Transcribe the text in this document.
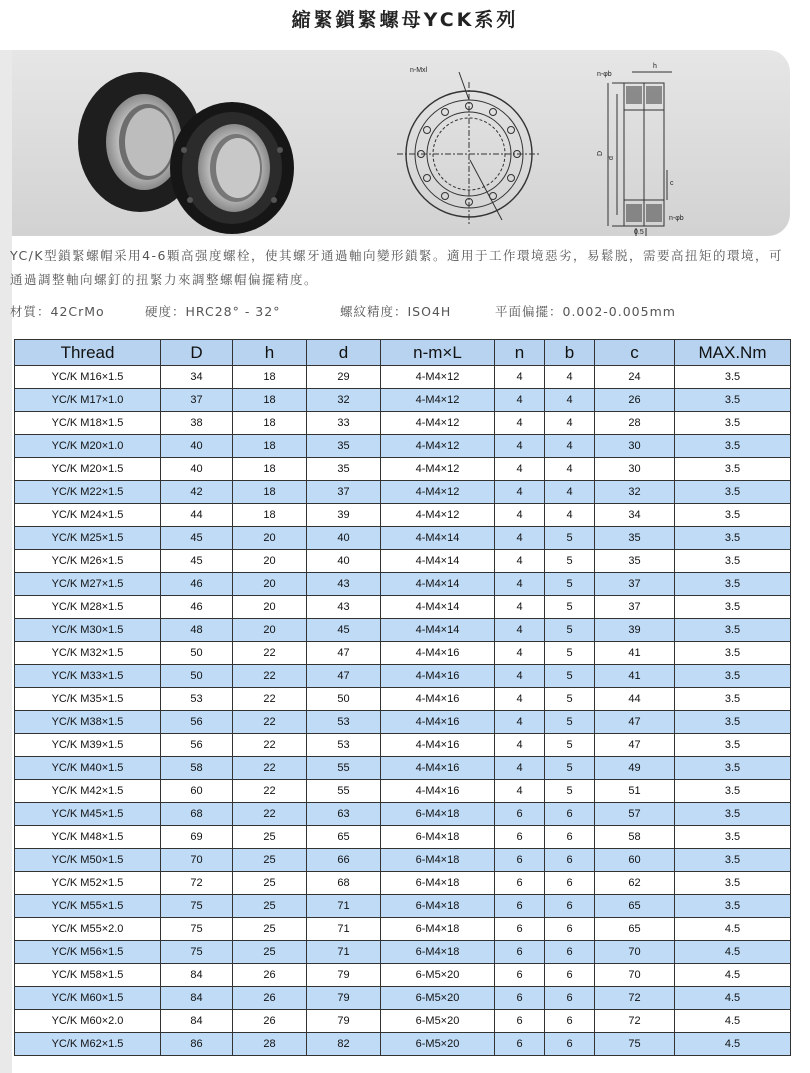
縮緊鎖緊螺母YCK系列
n-Mxl
n-φb
h
D
d
c
0.5
n-φb
YC/K型鎖緊螺帽采用4-6顆高强度螺栓，使其螺牙通過軸向變形鎖緊。適用于工作環境惡劣，易鬆脱，需要高扭矩的環境，可通過調整軸向螺釘的扭緊力來調整螺帽偏擺精度。
材質：42CrMo	硬度：HRC28° - 32°	螺紋精度：ISO4H	平面偏擺：0.002-0.005mm
Thread	D	h	d	n-m×L	n	b	c	MAX.Nm
YC/K M16×1.5	34	18	29	4-M4×12	4	4	24	3.5
YC/K M17×1.0	37	18	32	4-M4×12	4	4	26	3.5
YC/K M18×1.5	38	18	33	4-M4×12	4	4	28	3.5
YC/K M20×1.0	40	18	35	4-M4×12	4	4	30	3.5
YC/K M20×1.5	40	18	35	4-M4×12	4	4	30	3.5
YC/K M22×1.5	42	18	37	4-M4×12	4	4	32	3.5
YC/K M24×1.5	44	18	39	4-M4×12	4	4	34	3.5
YC/K M25×1.5	45	20	40	4-M4×14	4	5	35	3.5
YC/K M26×1.5	45	20	40	4-M4×14	4	5	35	3.5
YC/K M27×1.5	46	20	43	4-M4×14	4	5	37	3.5
YC/K M28×1.5	46	20	43	4-M4×14	4	5	37	3.5
YC/K M30×1.5	48	20	45	4-M4×14	4	5	39	3.5
YC/K M32×1.5	50	22	47	4-M4×16	4	5	41	3.5
YC/K M33×1.5	50	22	47	4-M4×16	4	5	41	3.5
YC/K M35×1.5	53	22	50	4-M4×16	4	5	44	3.5
YC/K M38×1.5	56	22	53	4-M4×16	4	5	47	3.5
YC/K M39×1.5	56	22	53	4-M4×16	4	5	47	3.5
YC/K M40×1.5	58	22	55	4-M4×16	4	5	49	3.5
YC/K M42×1.5	60	22	55	4-M4×16	4	5	51	3.5
YC/K M45×1.5	68	22	63	6-M4×18	6	6	57	3.5
YC/K M48×1.5	69	25	65	6-M4×18	6	6	58	3.5
YC/K M50×1.5	70	25	66	6-M4×18	6	6	60	3.5
YC/K M52×1.5	72	25	68	6-M4×18	6	6	62	3.5
YC/K M55×1.5	75	25	71	6-M4×18	6	6	65	3.5
YC/K M55×2.0	75	25	71	6-M4×18	6	6	65	4.5
YC/K M56×1.5	75	25	71	6-M4×18	6	6	70	4.5
YC/K M58×1.5	84	26	79	6-M5×20	6	6	70	4.5
YC/K M60×1.5	84	26	79	6-M5×20	6	6	72	4.5
YC/K M60×2.0	84	26	79	6-M5×20	6	6	72	4.5
YC/K M62×1.5	86	28	82	6-M5×20	6	6	75	4.5
